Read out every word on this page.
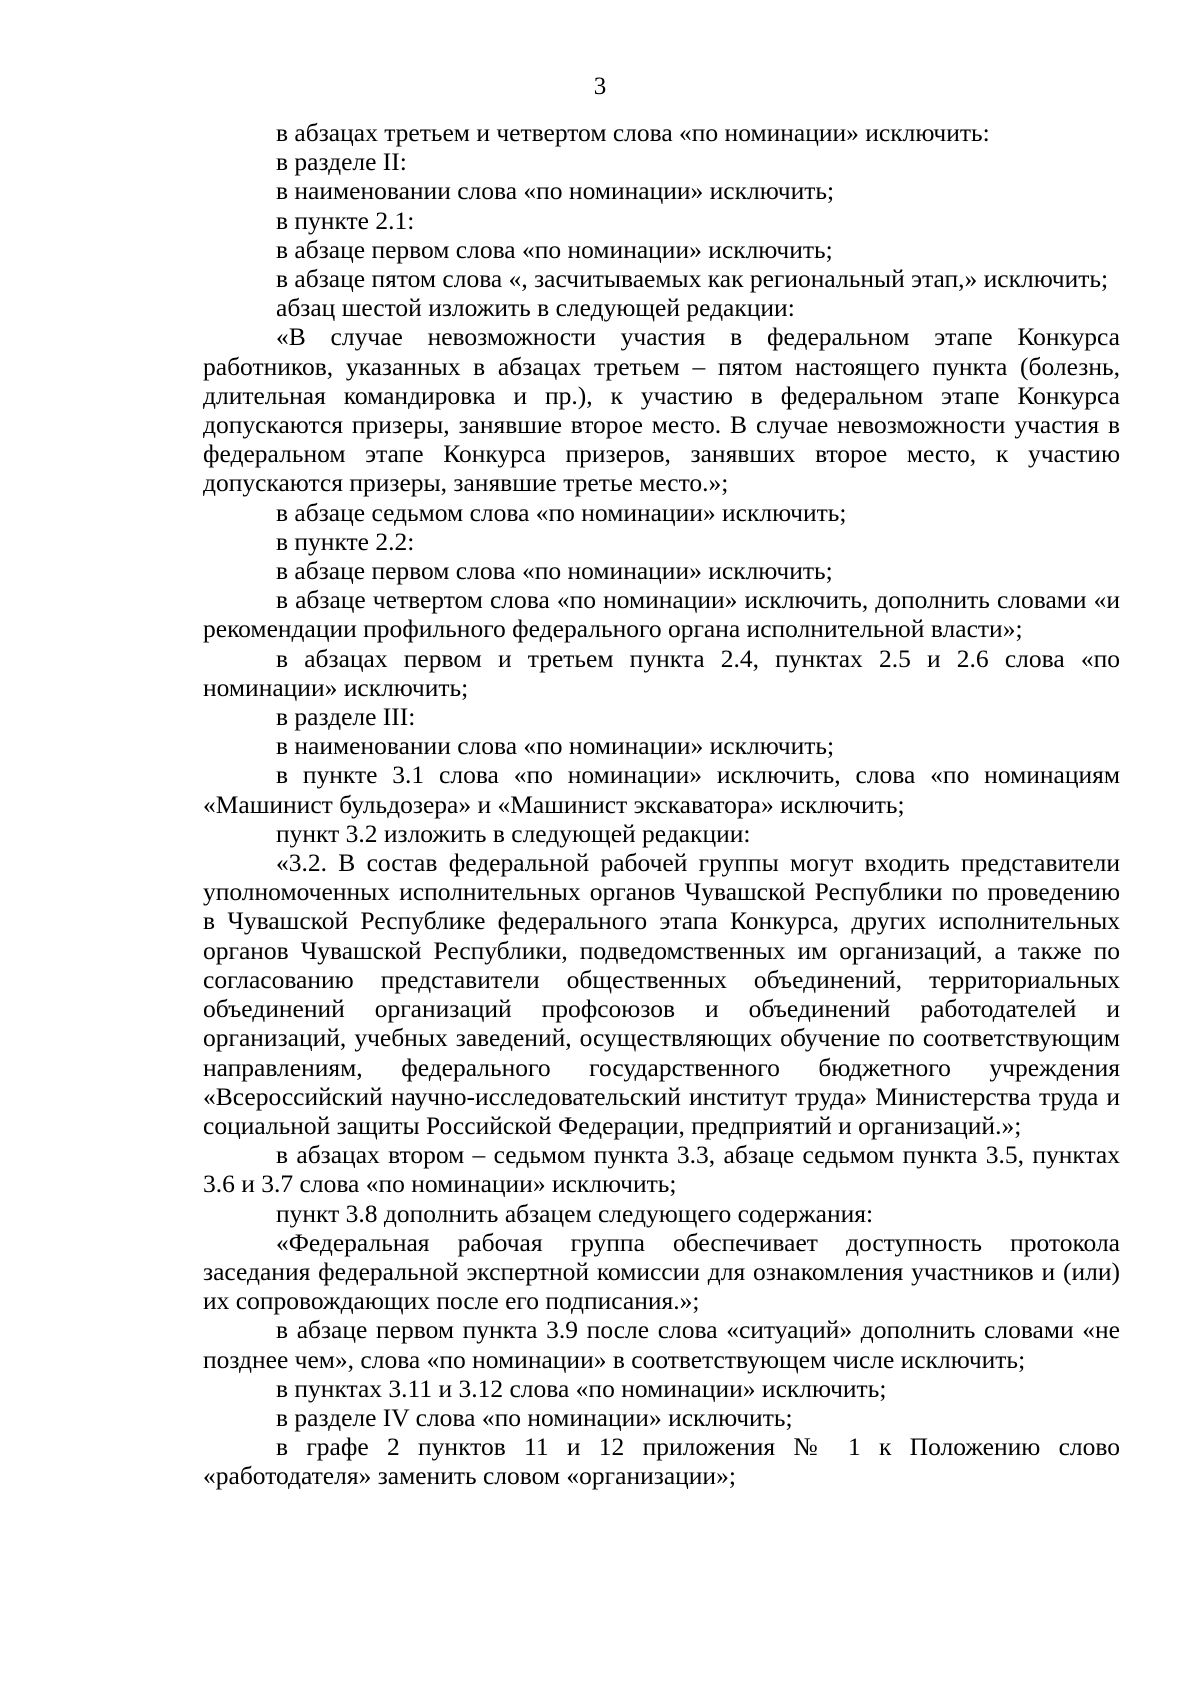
3

в абзацах третьем и четвертом слова «по номинации» исключить:

в разделе II:

в наименовании слова «по номинации» исключить;

в пункте 2.1:

в абзаце первом слова «по номинации» исключить;

в абзаце пятом слова «, засчитываемых как региональный этап,» исключить;

абзац шестой изложить в следующей редакции:

«В случае невозможности участия в федеральном этапе Конкурса работников, указанных в абзацах третьем – пятом настоящего пункта (болезнь, длительная командировка и пр.), к участию в федеральном этапе Конкурса допускаются призеры, занявшие второе место. В случае невозможности участия в федеральном этапе Конкурса призеров, занявших второе место, к участию допускаются призеры, занявшие третье место.»;

в абзаце седьмом слова «по номинации» исключить;

в пункте 2.2:

в абзаце первом слова «по номинации» исключить;

в абзаце четвертом слова «по номинации» исключить, дополнить словами «и рекомендации профильного федерального органа исполнительной власти»;

в абзацах первом и третьем пункта 2.4, пунктах 2.5 и 2.6 слова «по номинации» исключить;

в разделе III:

в наименовании слова «по номинации» исключить;

в пункте 3.1 слова «по номинации» исключить, слова «по номинациям «Машинист бульдозера» и «Машинист экскаватора» исключить;

пункт 3.2 изложить в следующей редакции:

«3.2. В состав федеральной рабочей группы могут входить представители уполномоченных исполнительных органов Чувашской Республики по проведению в Чувашской Республике федерального этапа Конкурса, других исполнительных органов Чувашской Республики, подведомственных им организаций, а также по согласованию представители общественных объединений, территориальных объединений организаций профсоюзов и объединений работодателей и организаций, учебных заведений, осуществляющих обучение по соответствующим направлениям, федерального государственного бюджетного учреждения «Всероссийский научно-исследовательский институт труда» Министерства труда и социальной защиты Российской Федерации, предприятий и организаций.»;

в абзацах втором – седьмом пункта 3.3, абзаце седьмом пункта 3.5, пунктах 3.6 и 3.7 слова «по номинации» исключить;

пункт 3.8 дополнить абзацем следующего содержания:

«Федеральная рабочая группа обеспечивает доступность протокола заседания федеральной экспертной комиссии для ознакомления участников и (или) их сопровождающих после его подписания.»;

в абзаце первом пункта 3.9 после слова «ситуаций» дополнить словами «не позднее чем», слова «по номинации» в соответствующем числе исключить;

в пунктах 3.11 и 3.12 слова «по номинации» исключить;

в разделе IV слова «по номинации» исключить;

в графе 2 пунктов 11 и 12 приложения № 1 к Положению слово «работодателя» заменить словом «организации»;
